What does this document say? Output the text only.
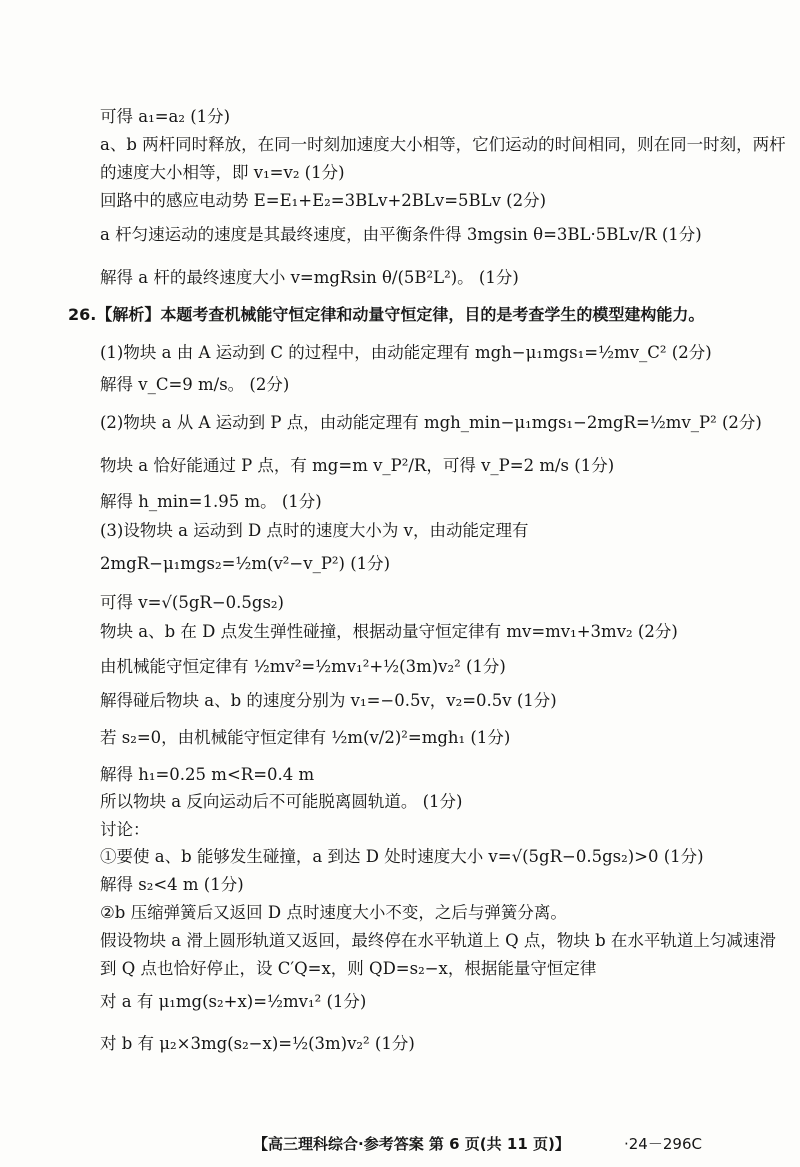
可得 a₁=a₂ (1分)
a、b 两杆同时释放，在同一时刻加速度大小相等，它们运动的时间相同，则在同一时刻，两杆
的速度大小相等，即 v₁=v₂ (1分)
回路中的感应电动势 E=E₁+E₂=3BLv+2BLv=5BLv (2分)
a 杆匀速运动的速度是其最终速度，由平衡条件得 3mgsin θ=3BL·5BLv/R (1分)
解得 a 杆的最终速度大小 v=mgRsin θ/(5B²L²)。 (1分)
26.【解析】本题考查机械能守恒定律和动量守恒定律，目的是考查学生的模型建构能力。
(1)物块 a 由 A 运动到 C 的过程中，由动能定理有 mgh−μ₁mgs₁=½mv_C² (2分)
解得 v_C=9 m/s。 (2分)
(2)物块 a 从 A 运动到 P 点，由动能定理有 mgh_min−μ₁mgs₁−2mgR=½mv_P² (2分)
物块 a 恰好能通过 P 点，有 mg=m v_P²/R，可得 v_P=2 m/s (1分)
解得 h_min=1.95 m。 (1分)
(3)设物块 a 运动到 D 点时的速度大小为 v，由动能定理有
2mgR−μ₁mgs₂=½m(v²−v_P²) (1分)
可得 v=√(5gR−0.5gs₂)
物块 a、b 在 D 点发生弹性碰撞，根据动量守恒定律有 mv=mv₁+3mv₂ (2分)
由机械能守恒定律有 ½mv²=½mv₁²+½(3m)v₂² (1分)
解得碰后物块 a、b 的速度分别为 v₁=−0.5v，v₂=0.5v (1分)
若 s₂=0，由机械能守恒定律有 ½m(v/2)²=mgh₁ (1分)
解得 h₁=0.25 m<R=0.4 m
所以物块 a 反向运动后不可能脱离圆轨道。 (1分)
讨论：
①要使 a、b 能够发生碰撞，a 到达 D 处时速度大小 v=√(5gR−0.5gs₂)>0 (1分)
解得 s₂<4 m (1分)
②b 压缩弹簧后又返回 D 点时速度大小不变，之后与弹簧分离。
假设物块 a 滑上圆形轨道又返回，最终停在水平轨道上 Q 点，物块 b 在水平轨道上匀减速滑
到 Q 点也恰好停止，设 C′Q=x，则 QD=s₂−x，根据能量守恒定律
对 a 有 μ₁mg(s₂+x)=½mv₁² (1分)
对 b 有 μ₂×3mg(s₂−x)=½(3m)v₂² (1分)
【高三理科综合·参考答案 第 6 页(共 11 页)】	·24－296C
